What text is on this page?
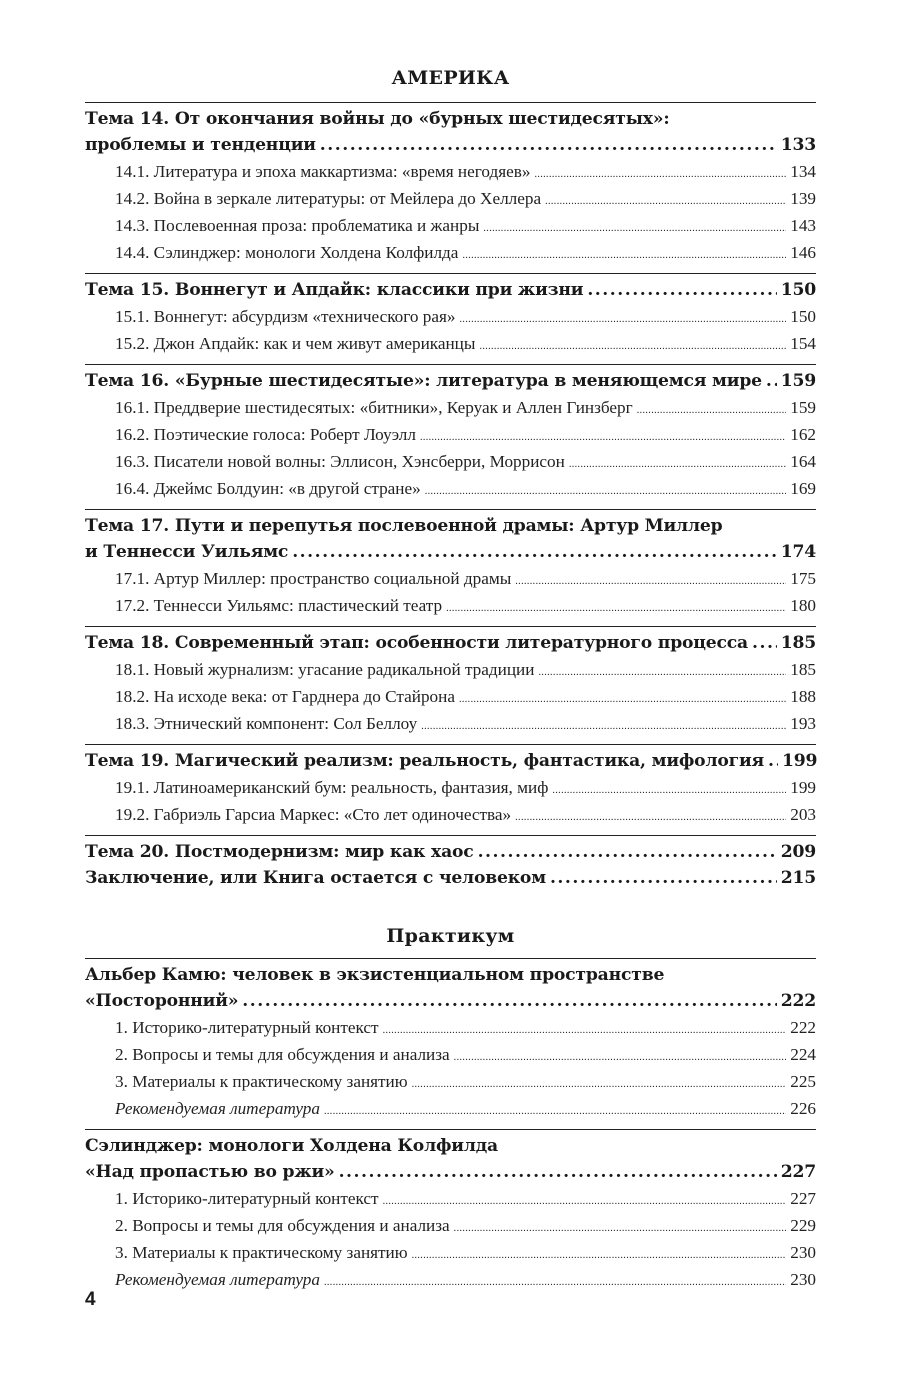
АМЕРИКА
Тема 14. От окончания войны до «бурных шестидесятых»:
проблемы и тенденции .....	133
14.1. Литература и эпоха маккартизма: «время негодяев» .....	134
14.2. Война в зеркале литературы: от Мейлера до Хеллера .....	139
14.3. Послевоенная проза: проблематика и жанры .....	143
14.4. Сэлинджер: монологи Холдена Колфилда .....	146
Тема 15. Воннегут и Апдайк: классики при жизни .....	150
15.1. Воннегут: абсурдизм «технического рая» .....	150
15.2. Джон Апдайк: как и чем живут американцы .....	154
Тема 16. «Бурные шестидесятые»: литература в меняющемся мире ..... 159
16.1. Преддверие шестидесятых: «битники», Керуак и Аллен Гинзберг .....	159
16.2. Поэтические голоса: Роберт Лоуэлл .....	162
16.3. Писатели новой волны: Эллисон, Хэнсберри, Моррисон .....	164
16.4. Джеймс Болдуин: «в другой стране» .....	169
Тема 17. Пути и перепутья послевоенной драмы: Артур Миллер
и Теннесси Уильямс .....	174
17.1. Артур Миллер: пространство социальной драмы .....	175
17.2. Теннесси Уильямс: пластический театр .....	180
Тема 18. Современный этап: особенности литературного процесса ..... 185
18.1. Новый журнализм: угасание радикальной традиции .....	185
18.2. На исходе века: от Гарднера до Стайрона .....	188
18.3. Этнический компонент: Сол Беллоу .....	193
Тема 19. Магический реализм: реальность, фантастика, мифология ..... 199
19.1. Латиноамериканский бум: реальность, фантазия, миф .....	199
19.2. Габриэль Гарсиа Маркес: «Сто лет одиночества» .....	203
Тема 20. Постмодернизм: мир как хаос .....	209
Заключение, или Книга остается с человеком .....	215
Практикум
Альбер Камю: человек в экзистенциальном пространстве
«Посторонний» .....	222
1. Историко-литературный контекст .....	222
2. Вопросы и темы для обсуждения и анализа .....	224
3. Материалы к практическому занятию .....	225
Рекомендуемая литература .....	226
Сэлинджер: монологи Холдена Колфилда
«Над пропастью во ржи» .....	227
1. Историко-литературный контекст .....	227
2. Вопросы и темы для обсуждения и анализа .....	229
3. Материалы к практическому занятию .....	230
Рекомендуемая литература .....	230
4
